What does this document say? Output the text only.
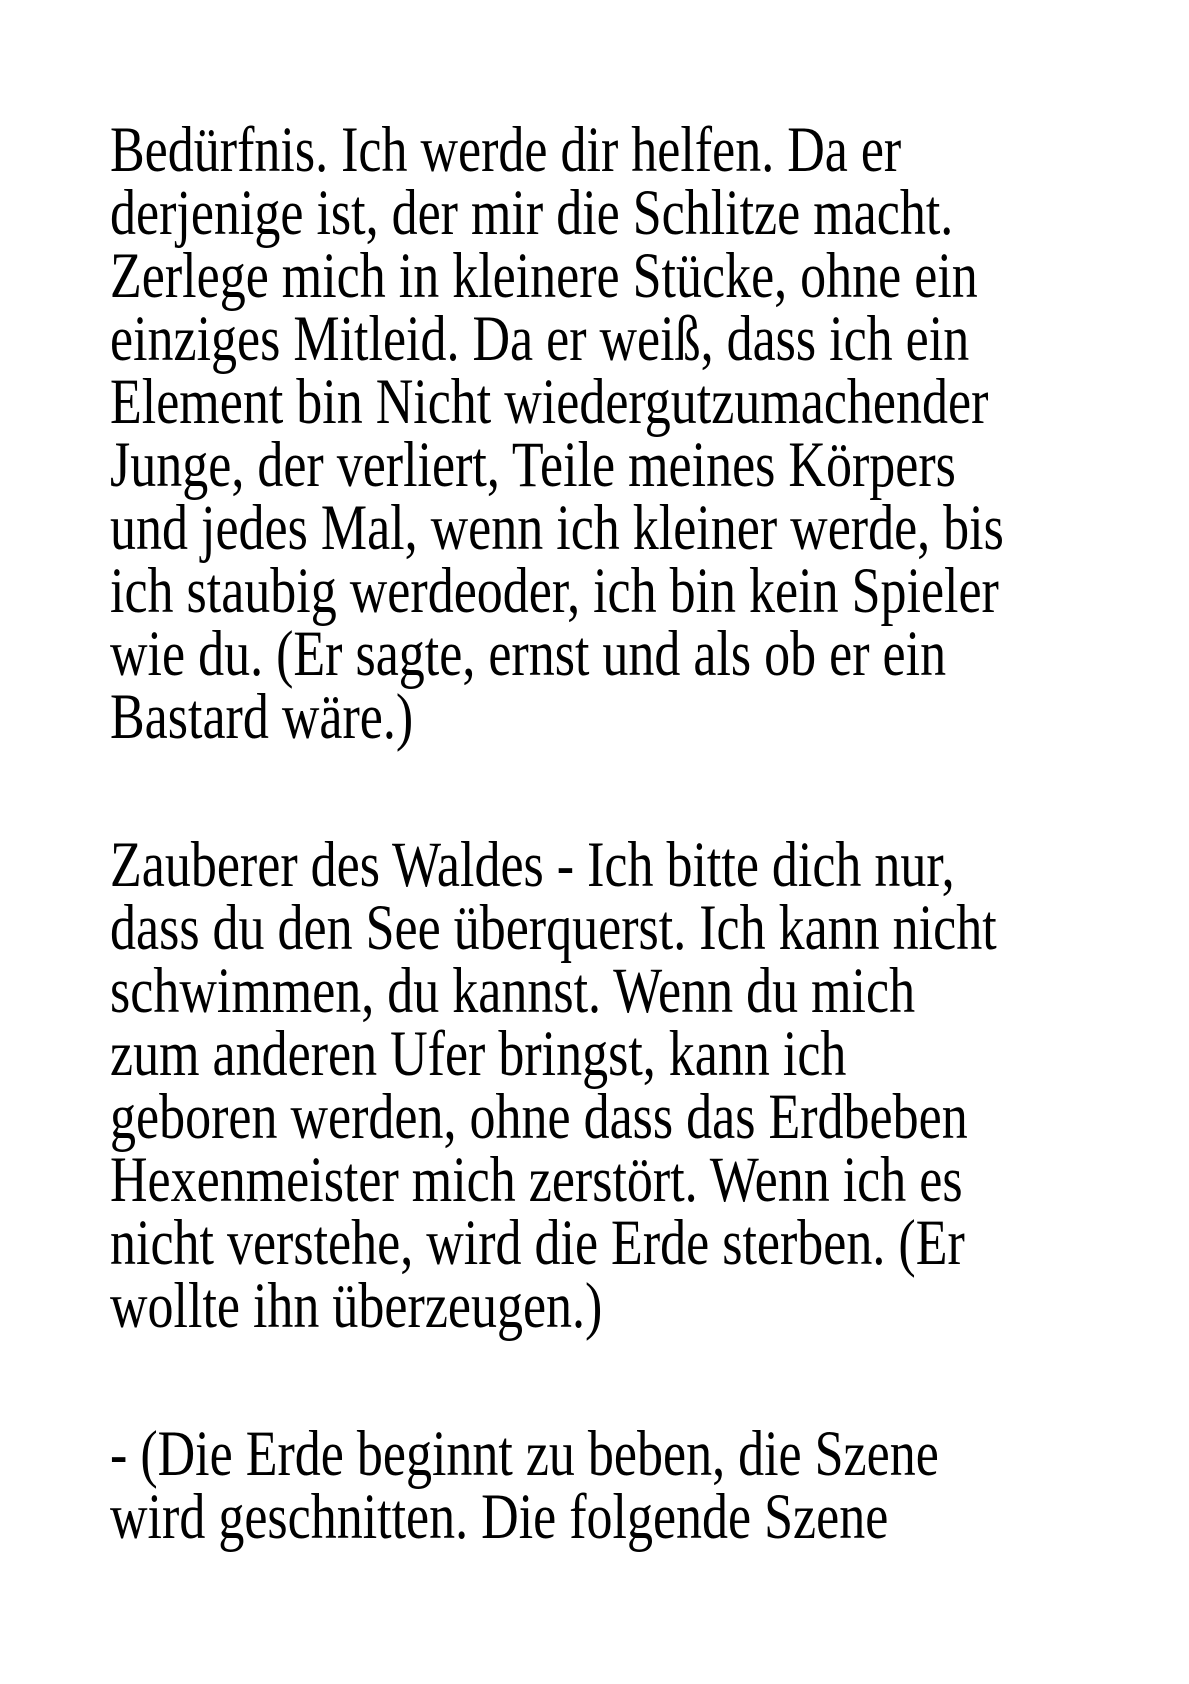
Bedürfnis. Ich werde dir helfen. Da er
derjenige ist, der mir die Schlitze macht.
Zerlege mich in kleinere Stücke, ohne ein
einziges Mitleid. Da er weiß, dass ich ein
Element bin Nicht wiedergutzumachender
Junge, der verliert, Teile meines Körpers
und jedes Mal, wenn ich kleiner werde, bis
ich staubig werdeoder, ich bin kein Spieler
wie du. (Er sagte, ernst und als ob er ein
Bastard wäre.)
Zauberer des Waldes - Ich bitte dich nur,
dass du den See überquerst. Ich kann nicht
schwimmen, du kannst. Wenn du mich
zum anderen Ufer bringst, kann ich
geboren werden, ohne dass das Erdbeben
Hexenmeister mich zerstört. Wenn ich es
nicht verstehe, wird die Erde sterben. (Er
wollte ihn überzeugen.)
- (Die Erde beginnt zu beben, die Szene
wird geschnitten. Die folgende Szene
